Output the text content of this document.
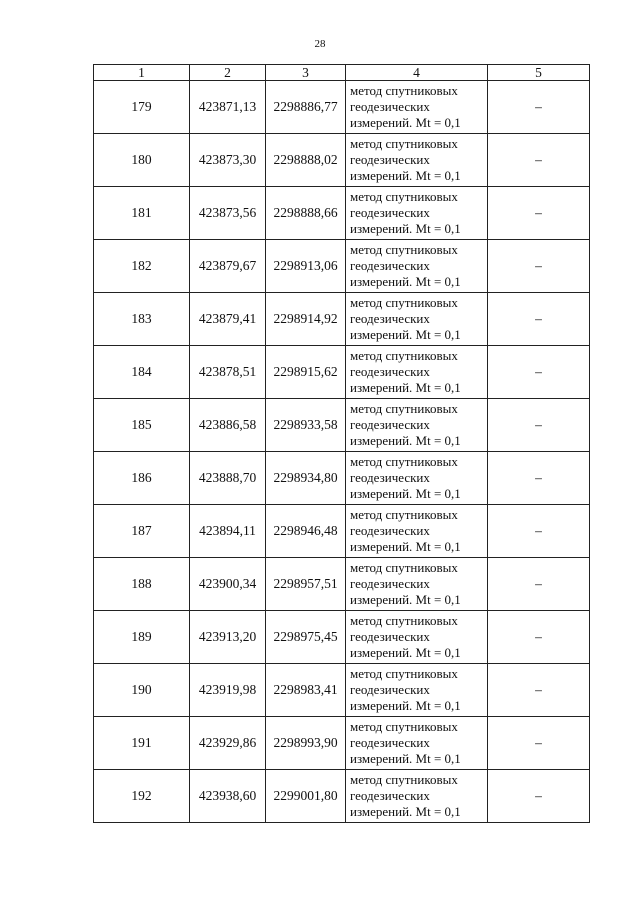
28
1	2	3	4	5
179	423871,13	2298886,77	метод спутниковых
геодезических
измерений. Mt = 0,1	–
180	423873,30	2298888,02	метод спутниковых
геодезических
измерений. Mt = 0,1	–
181	423873,56	2298888,66	метод спутниковых
геодезических
измерений. Mt = 0,1	–
182	423879,67	2298913,06	метод спутниковых
геодезических
измерений. Mt = 0,1	–
183	423879,41	2298914,92	метод спутниковых
геодезических
измерений. Mt = 0,1	–
184	423878,51	2298915,62	метод спутниковых
геодезических
измерений. Mt = 0,1	–
185	423886,58	2298933,58	метод спутниковых
геодезических
измерений. Mt = 0,1	–
186	423888,70	2298934,80	метод спутниковых
геодезических
измерений. Mt = 0,1	–
187	423894,11	2298946,48	метод спутниковых
геодезических
измерений. Mt = 0,1	–
188	423900,34	2298957,51	метод спутниковых
геодезических
измерений. Mt = 0,1	–
189	423913,20	2298975,45	метод спутниковых
геодезических
измерений. Mt = 0,1	–
190	423919,98	2298983,41	метод спутниковых
геодезических
измерений. Mt = 0,1	–
191	423929,86	2298993,90	метод спутниковых
геодезических
измерений. Mt = 0,1	–
192	423938,60	2299001,80	метод спутниковых
геодезических
измерений. Mt = 0,1	–
